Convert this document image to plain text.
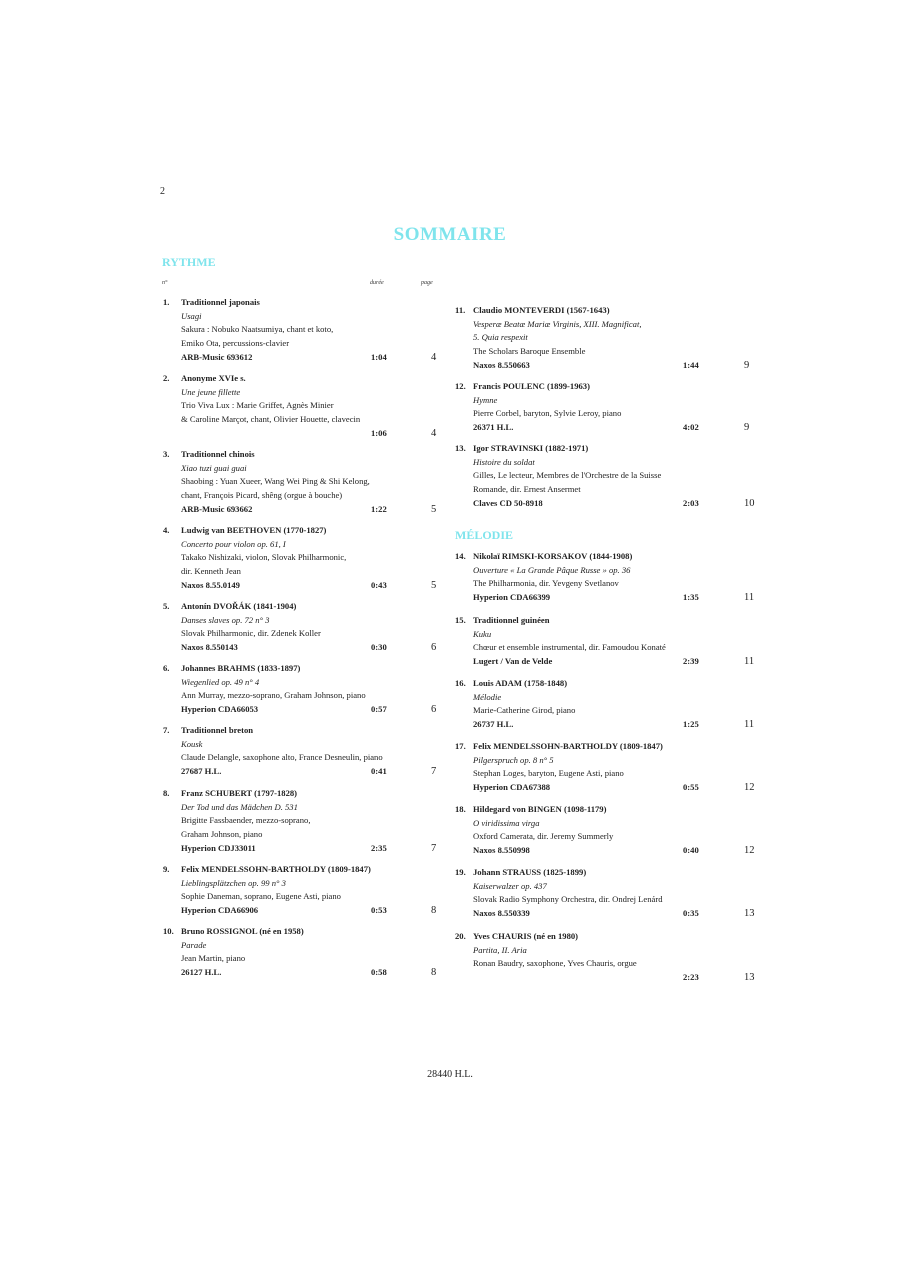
2
SOMMAIRE
RYTHME
n°	durée	page
MÉLODIE
1. Traditionnel japonais
Usagi
Sakura : Nobuko Naatsumiya, chant et koto,
Emiko Ota, percussions-clavier
ARB-Music 693612	1:04	4
2. Anonyme XVIe s.
Une jeune fillette
Trio Viva Lux : Marie Griffet, Agnès Minier
& Caroline Marçot, chant, Olivier Houette, clavecin
1:06	4
3. Traditionnel chinois
Xiao tuzi guai guai
Shaobing : Yuan Xueer, Wang Wei Ping & Shi Kelong,
chant, François Picard, shêng (orgue à bouche)
ARB-Music 693662	1:22	5
4. Ludwig van BEETHOVEN (1770-1827)
Concerto pour violon op. 61, I
Takako Nishizaki, violon, Slovak Philharmonic,
dir. Kenneth Jean
Naxos 8.55.0149	0:43	5
5. Antonín DVOŘÁK (1841-1904)
Danses slaves op. 72 n° 3
Slovak Philharmonic, dir. Zdenek Koller
Naxos 8.550143	0:30	6
6. Johannes BRAHMS (1833-1897)
Wiegenlied op. 49 n° 4
Ann Murray, mezzo-soprano, Graham Johnson, piano
Hyperion CDA66053	0:57	6
7. Traditionnel breton
Kousk
Claude Delangle, saxophone alto, France Desneulin, piano
27687 H.L.	0:41	7
8. Franz SCHUBERT (1797-1828)
Der Tod und das Mädchen D. 531
Brigitte Fassbaender, mezzo-soprano,
Graham Johnson, piano
Hyperion CDJ33011	2:35	7
9. Felix MENDELSSOHN-BARTHOLDY (1809-1847)
Lieblingsplätzchen op. 99 n° 3
Sophie Daneman, soprano, Eugene Asti, piano
Hyperion CDA66906	0:53	8
10. Bruno ROSSIGNOL (né en 1958)
Parade
Jean Martin, piano
26127 H.L.	0:58	8
11. Claudio MONTEVERDI (1567-1643)
Vesperæ Beatæ Mariæ Virginis, XIII. Magnificat,
5. Quia respexit
The Scholars Baroque Ensemble
Naxos 8.550663	1:44	9
12. Francis POULENC (1899-1963)
Hymne
Pierre Corbel, baryton, Sylvie Leroy, piano
26371 H.L.	4:02	9
13. Igor STRAVINSKI (1882-1971)
Histoire du soldat
Gilles, Le lecteur, Membres de l'Orchestre de la Suisse
Romande, dir. Ernest Ansermet
Claves CD 50-8918	2:03	10
14. Nikolaï RIMSKI-KORSAKOV (1844-1908)
Ouverture « La Grande Pâque Russe » op. 36
The Philharmonia, dir. Yevgeny Svetlanov
Hyperion CDA66399	1:35	11
15. Traditionnel guinéen
Kuku
Chœur et ensemble instrumental, dir. Famoudou Konaté
Lugert / Van de Velde	2:39	11
16. Louis ADAM (1758-1848)
Mélodie
Marie-Catherine Girod, piano
26737 H.L.	1:25	11
17. Felix MENDELSSOHN-BARTHOLDY (1809-1847)
Pilgerspruch op. 8 n° 5
Stephan Loges, baryton, Eugene Asti, piano
Hyperion CDA67388	0:55	12
18. Hildegard von BINGEN (1098-1179)
O viridissima virga
Oxford Camerata, dir. Jeremy Summerly
Naxos 8.550998	0:40	12
19. Johann STRAUSS (1825-1899)
Kaiserwalzer op. 437
Slovak Radio Symphony Orchestra, dir. Ondrej Lenárd
Naxos 8.550339	0:35	13
20. Yves CHAURIS (né en 1980)
Partita, II. Aria
Ronan Baudry, saxophone, Yves Chauris, orgue
2:23	13
28440 H.L.
